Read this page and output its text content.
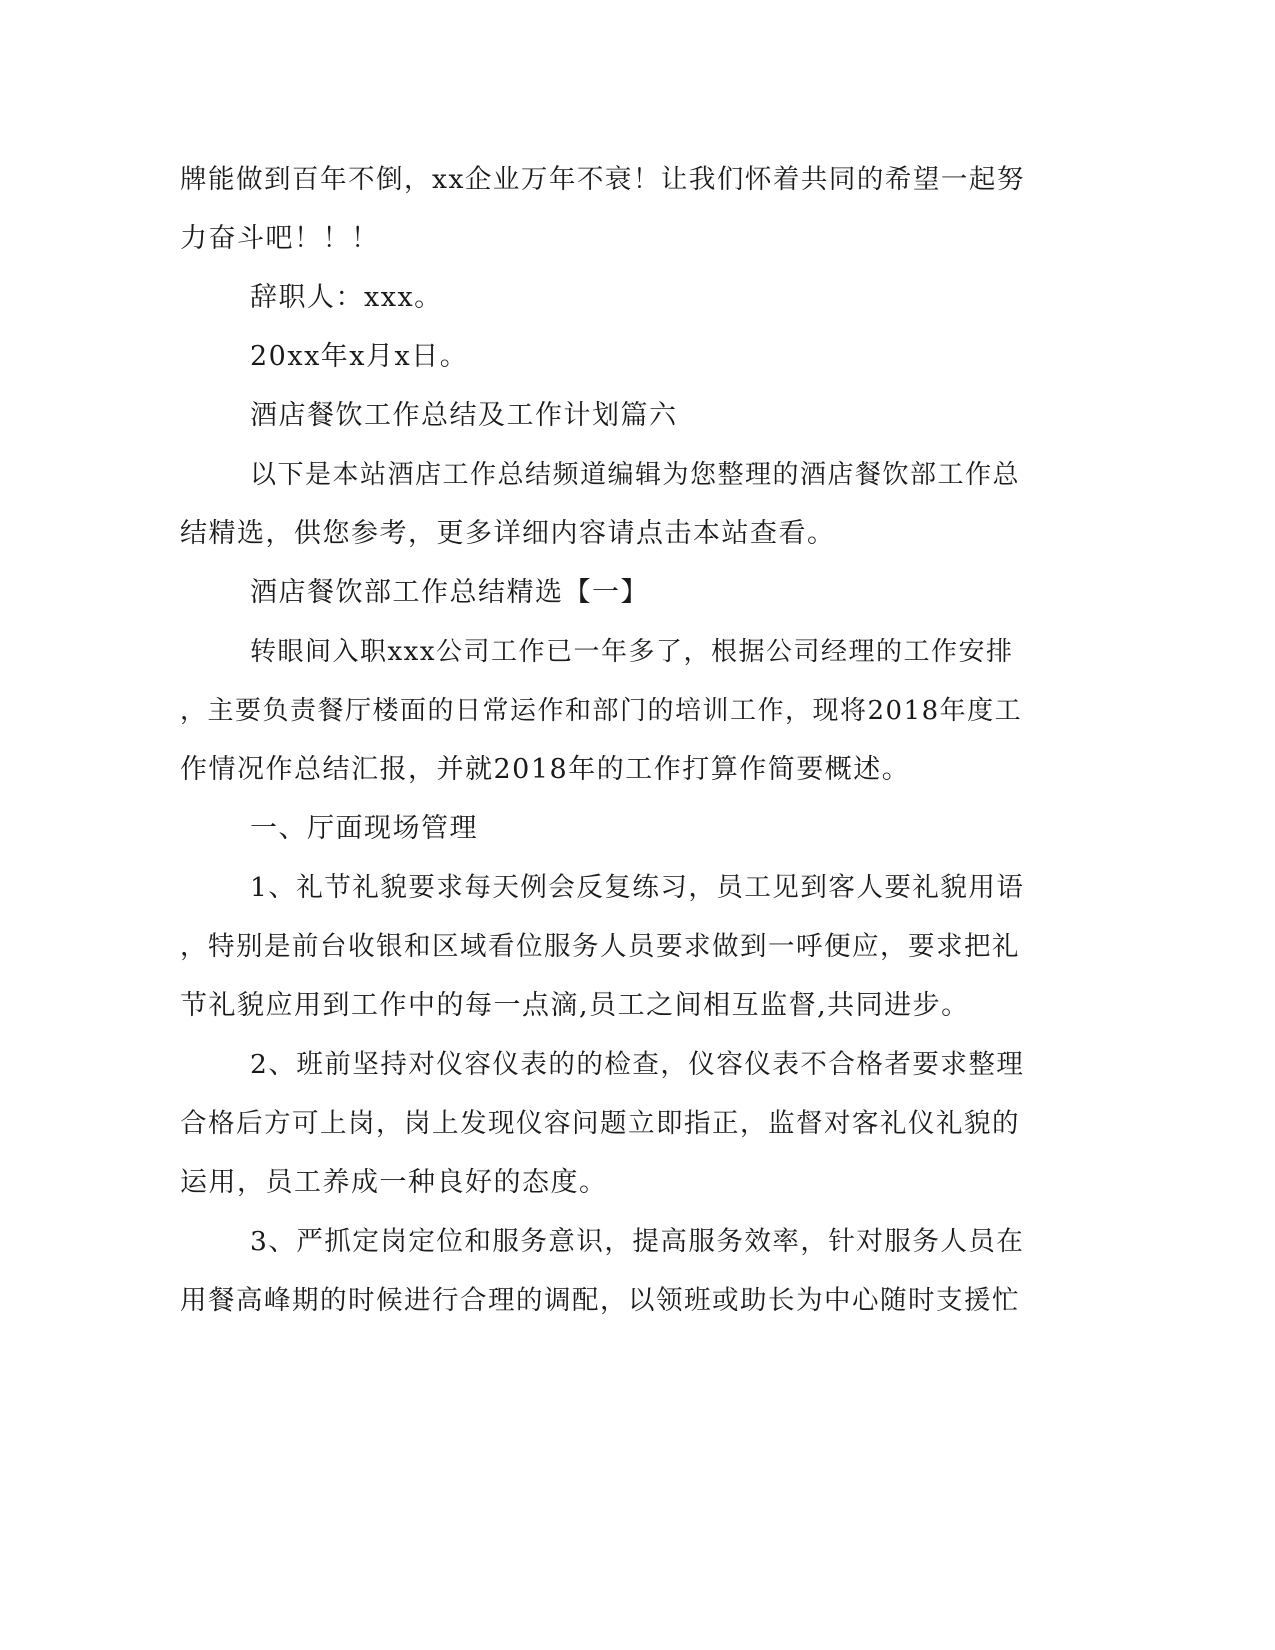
牌能做到百年不倒，xx企业万年不衰！让我们怀着共同的希望一起努

力奋斗吧！！！

辞职人：xxx。

20xx年x月x日。

酒店餐饮工作总结及工作计划篇六

以下是本站酒店工作总结频道编辑为您整理的酒店餐饮部工作总

结精选，供您参考，更多详细内容请点击本站查看。

酒店餐饮部工作总结精选【一】

转眼间入职xxx公司工作已一年多了，根据公司经理的工作安排

，主要负责餐厅楼面的日常运作和部门的培训工作，现将2018年度工

作情况作总结汇报，并就2018年的工作打算作简要概述。

一、厅面现场管理

1、礼节礼貌要求每天例会反复练习，员工见到客人要礼貌用语

，特别是前台收银和区域看位服务人员要求做到一呼便应，要求把礼

节礼貌应用到工作中的每一点滴,员工之间相互监督,共同进步。

2、班前坚持对仪容仪表的的检查，仪容仪表不合格者要求整理

合格后方可上岗，岗上发现仪容问题立即指正，监督对客礼仪礼貌的

运用，员工养成一种良好的态度。

3、严抓定岗定位和服务意识，提高服务效率，针对服务人员在

用餐高峰期的时候进行合理的调配，以领班或助长为中心随时支援忙
